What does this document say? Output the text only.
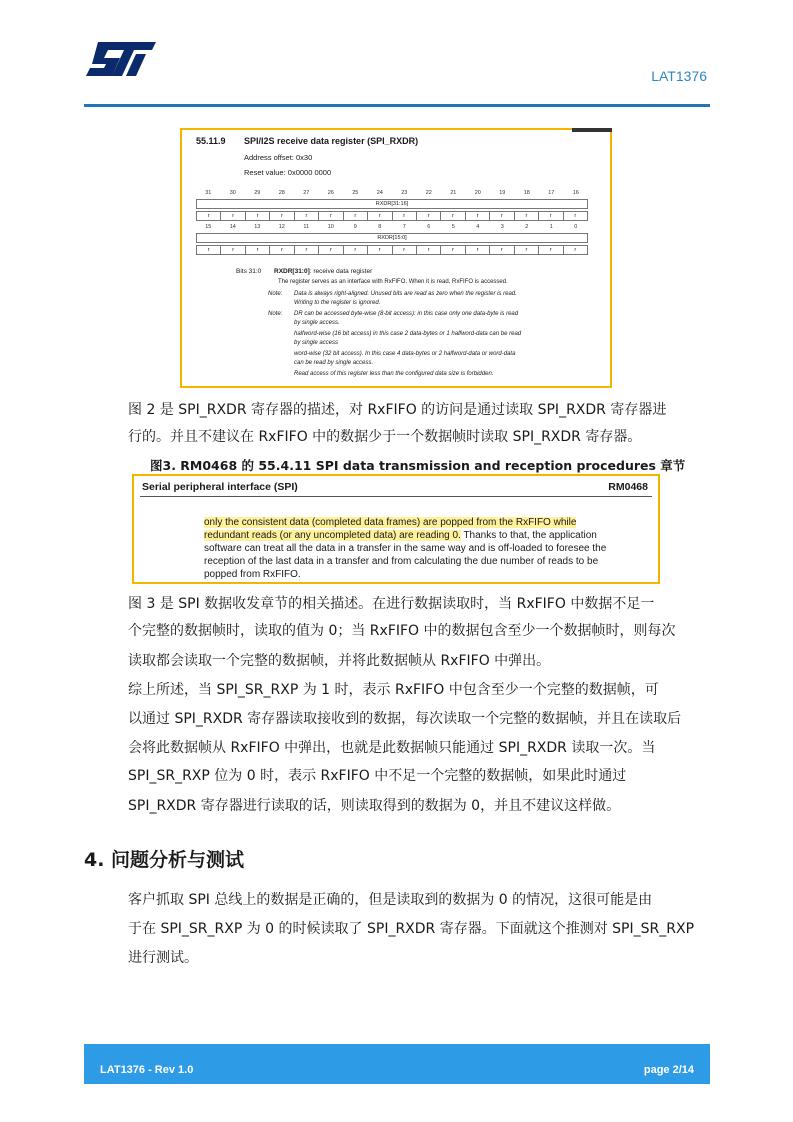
LAT1376
55.11.9 SPI/I2S receive data register (SPI_RXDR)
Address offset: 0x30
Reset value: 0x0000 0000
31	30	29	28	27	26	25	24	23	22	21	20	19	18	17	16
RXDR[31:16]
r	r	r	r	r	r	r	r	r	r	r	r	r	r	r	r
15	14	13	12	11	10	9	8	7	6	5	4	3	2	1	0
RXDR[15:0]
r	r	r	r	r	r	r	r	r	r	r	r	r	r	r	r
Bits 31:0 RXDR[31:0]: receive data register
The register serves as an interface with RxFIFO. When it is read, RxFIFO is accessed.
Note: Data is always right-aligned. Unused bits are read as zero when the register is read.
Writing to the register is ignored.
Note: DR can be accessed byte-wise (8-bit access): in this case only one data-byte is read
by single access.
halfword-wise (16 bit access) in this case 2 data-bytes or 1 halfword-data can be read
by single access
word-wise (32 bit access). In this case 4 data-bytes or 2 halfword-data or word-data
can be read by single access.
Read access of this register less than the configured data size is forbidden.
图 2 是 SPI_RXDR 寄存器的描述，对 RxFIFO 的访问是通过读取 SPI_RXDR 寄存器进
行的。并且不建议在 RxFIFO 中的数据少于一个数据帧时读取 SPI_RXDR 寄存器。
图3. RM0468 的 55.4.11 SPI data transmission and reception procedures 章节
Serial peripheral interface (SPI)	RM0468
only the consistent data (completed data frames) are popped from the RxFIFO while
redundant reads (or any uncompleted data) are reading 0. Thanks to that, the application
software can treat all the data in a transfer in the same way and is off-loaded to foresee the
reception of the last data in a transfer and from calculating the due number of reads to be
popped from RxFIFO.
图 3 是 SPI 数据收发章节的相关描述。在进行数据读取时，当 RxFIFO 中数据不足一
个完整的数据帧时，读取的值为 0；当 RxFIFO 中的数据包含至少一个数据帧时，则每次
读取都会读取一个完整的数据帧，并将此数据帧从 RxFIFO 中弹出。
综上所述，当 SPI_SR_RXP 为 1 时，表示 RxFIFO 中包含至少一个完整的数据帧，可
以通过 SPI_RXDR 寄存器读取接收到的数据，每次读取一个完整的数据帧，并且在读取后
会将此数据帧从 RxFIFO 中弹出，也就是此数据帧只能通过 SPI_RXDR 读取一次。当
SPI_SR_RXP 位为 0 时，表示 RxFIFO 中不足一个完整的数据帧，如果此时通过
SPI_RXDR 寄存器进行读取的话，则读取得到的数据为 0，并且不建议这样做。
4. 问题分析与测试
客户抓取 SPI 总线上的数据是正确的，但是读取到的数据为 0 的情况，这很可能是由
于在 SPI_SR_RXP 为 0 的时候读取了 SPI_RXDR 寄存器。下面就这个推测对 SPI_SR_RXP
进行测试。
LAT1376 - Rev 1.0	page 2/14
